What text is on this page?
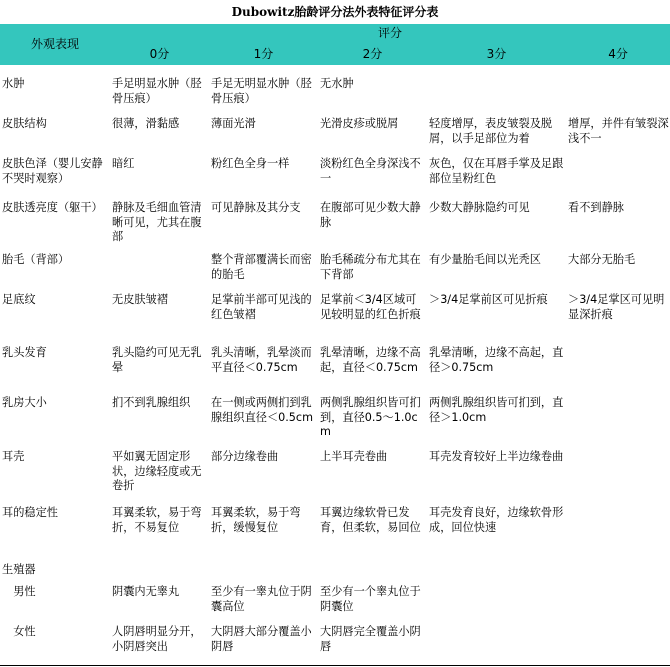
Dubowitz胎龄评分法外表特征评分表
外观表现	评分				

	0分	1分	2分	3分	4分

水肿	手足明显水肿（胫骨压痕）	手足无明显水肿（胫骨压痕）	无水肿		
皮肤结构	很薄，滑黏感	薄面光滑	光滑皮疹或脱屑	轻度增厚，表皮皱裂及脱屑，以手足部位为着	增厚，并件有皱裂深浅不一
皮肤色泽（婴儿安静不哭时观察）	暗红	粉红色全身一样	淡粉红色全身深浅不一	灰色，仅在耳唇手掌及足跟部位呈粉红色	
皮肤透亮度（躯干）	静脉及毛细血管清晰可见，尤其在腹部	可见静脉及其分支	在腹部可见少数大静脉	少数大静脉隐约可见	看不到静脉
胎毛（背部）		整个背部覆满长而密的胎毛	胎毛稀疏分布尤其在下背部	有少量胎毛间以光秃区	大部分无胎毛
足底纹	无皮肤皱褶	足掌前半部可见浅的红色皱褶	足掌前＜3/4区域可见较明显的红色折痕	＞3/4足掌前区可见折痕	＞3/4足掌区可见明显深折痕
乳头发育	乳头隐约可见无乳晕	乳头清晰，乳晕淡而平直径＜0.75cm	乳晕清晰，边缘不高起，直径＜0.75cm	乳晕清晰，边缘不高起，直径＞0.75cm	
乳房大小	扪不到乳腺组织	在一侧或两侧扪到乳腺组织直径＜0.5cm	两侧乳腺组织皆可扪到，直径0.5～1.0cm	两侧乳腺组织皆可扪到，直径＞1.0cm	
耳壳	平如翼无固定形状，边缘轻度或无卷折	部分边缘卷曲	上半耳壳卷曲	耳壳发育较好上半边缘卷曲	
耳的稳定性	耳翼柔软，易于弯折，不易复位	耳翼柔软，易于弯折，缓慢复位	耳翼边缘软骨已发育，但柔软，易回位	耳壳发育良好，边缘软骨形成，回位快速	
生殖器					
　男性	阴囊内无睾丸	至少有一睾丸位于阴囊高位	至少有一个睾丸位于阴囊位		
　女性	人阴唇明显分开，小阴唇突出	大阴唇大部分覆盖小阴唇	大阴唇完全覆盖小阴唇		
